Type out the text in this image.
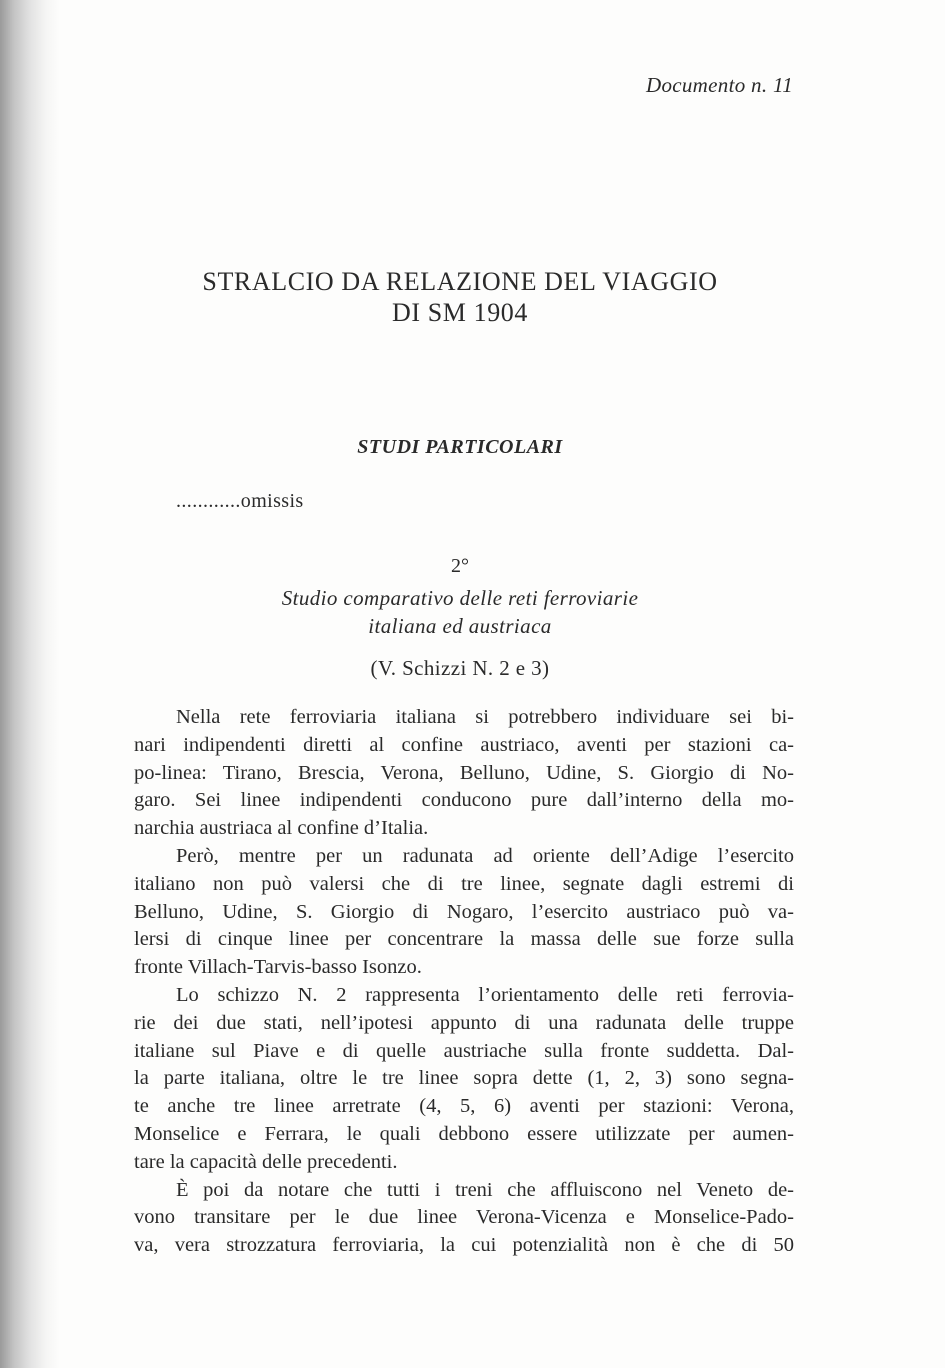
Documento n. 11
STRALCIO DA RELAZIONE DEL VIAGGIO
DI SM 1904
STUDI PARTICOLARI
............omissis
2°
Studio comparativo delle reti ferroviarie
italiana ed austriaca
(V. Schizzi N. 2 e 3)

Nella rete ferroviaria italiana si potrebbero individuare sei bi-
nari indipendenti diretti al confine austriaco, aventi per stazioni ca-
po-linea: Tirano, Brescia, Verona, Belluno, Udine, S. Giorgio di No-
garo. Sei linee indipendenti conducono pure dall’interno della mo-
narchia austriaca al confine d’Italia.

Però, mentre per un radunata ad oriente dell’Adige l’esercito
italiano non può valersi che di tre linee, segnate dagli estremi di
Belluno, Udine, S. Giorgio di Nogaro, l’esercito austriaco può va-
lersi di cinque linee per concentrare la massa delle sue forze sulla
fronte Villach-Tarvis-basso Isonzo.

Lo schizzo N. 2 rappresenta l’orientamento delle reti ferrovia-
rie dei due stati, nell’ipotesi appunto di una radunata delle truppe
italiane sul Piave e di quelle austriache sulla fronte suddetta. Dal-
la parte italiana, oltre le tre linee sopra dette (1, 2, 3) sono segna-
te anche tre linee arretrate (4, 5, 6) aventi per stazioni: Verona,
Monselice e Ferrara, le quali debbono essere utilizzate per aumen-
tare la capacità delle precedenti.

È poi da notare che tutti i treni che affluiscono nel Veneto de-
vono transitare per le due linee Verona-Vicenza e Monselice-Pado-
va, vera strozzatura ferroviaria, la cui potenzialità non è che di 50
